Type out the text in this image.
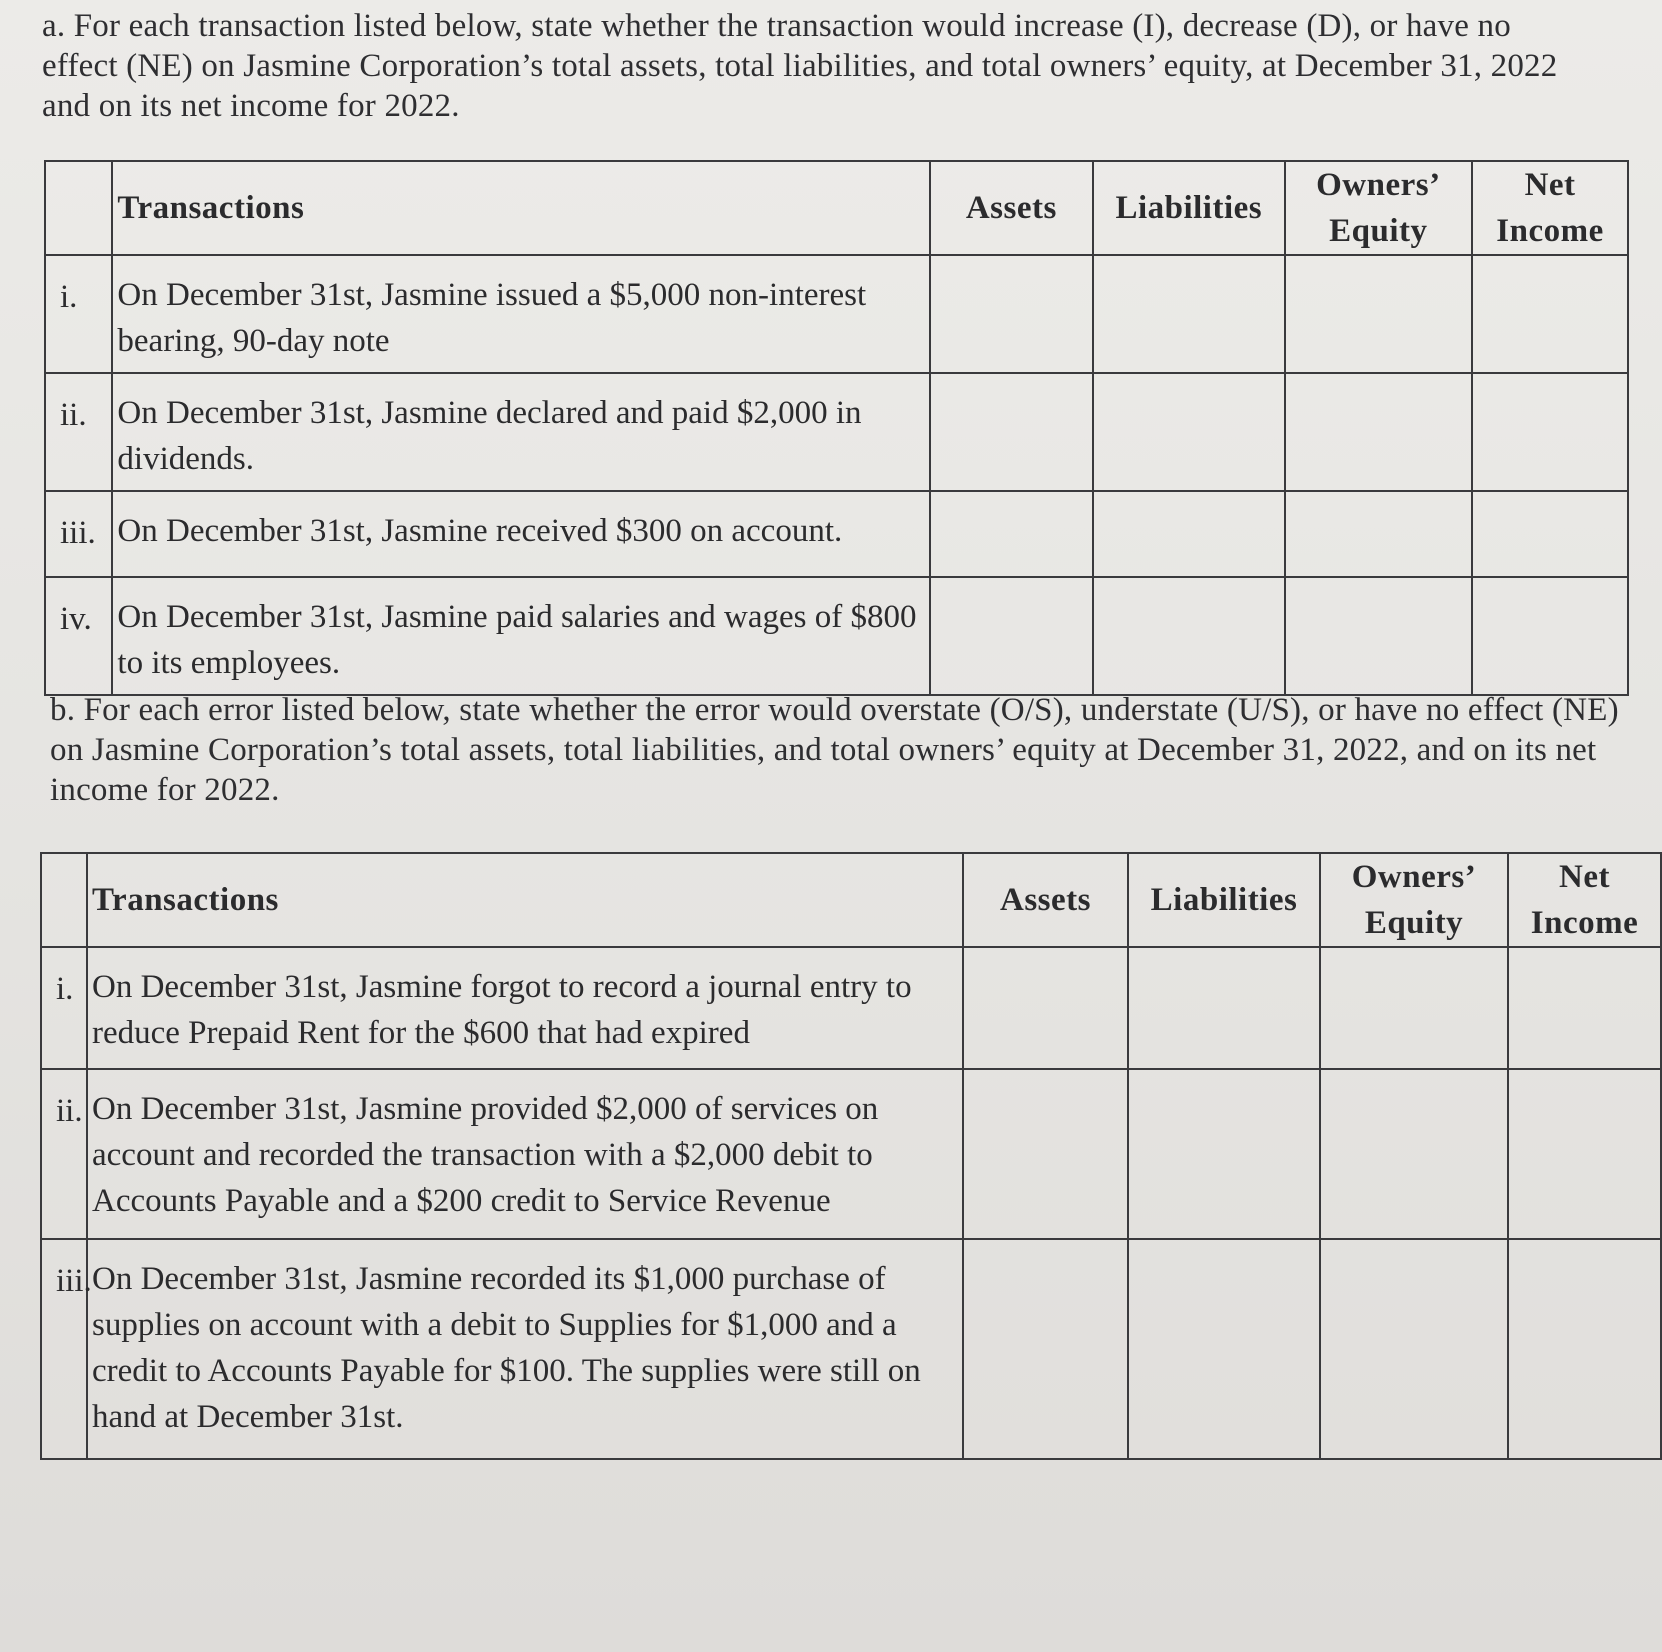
a. For each transaction listed below, state whether the transaction would increase (I), decrease (D), or have no effect (NE) on Jasmine Corporation’s total assets, total liabilities, and total owners’ equity, at December 31, 2022 and on its net income for 2022.

	Transactions	Assets	Liabilities	Owners’ Equity	Net Income
i.	On December 31st, Jasmine issued a $5,000 non-interest bearing, 90-day note				
ii.	On December 31st, Jasmine declared and paid $2,000 in dividends.				
iii.	On December 31st, Jasmine received $300 on account.				
iv.	On December 31st, Jasmine paid salaries and wages of $800 to its employees.				

b. For each error listed below, state whether the error would overstate (O/S), understate (U/S), or have no effect (NE) on Jasmine Corporation’s total assets, total liabilities, and total owners’ equity at December 31, 2022, and on its net income for 2022.

	Transactions	Assets	Liabilities	Owners’ Equity	Net Income
i.	On December 31st, Jasmine forgot to record a journal entry to reduce Prepaid Rent for the $600 that had expired				
ii.	On December 31st, Jasmine provided $2,000 of services on account and recorded the transaction with a $2,000 debit to Accounts Payable and a $200 credit to Service Revenue				
iii.	On December 31st, Jasmine recorded its $1,000 purchase of supplies on account with a debit to Supplies for $1,000 and a credit to Accounts Payable for $100. The supplies were still on hand at December 31st.				
